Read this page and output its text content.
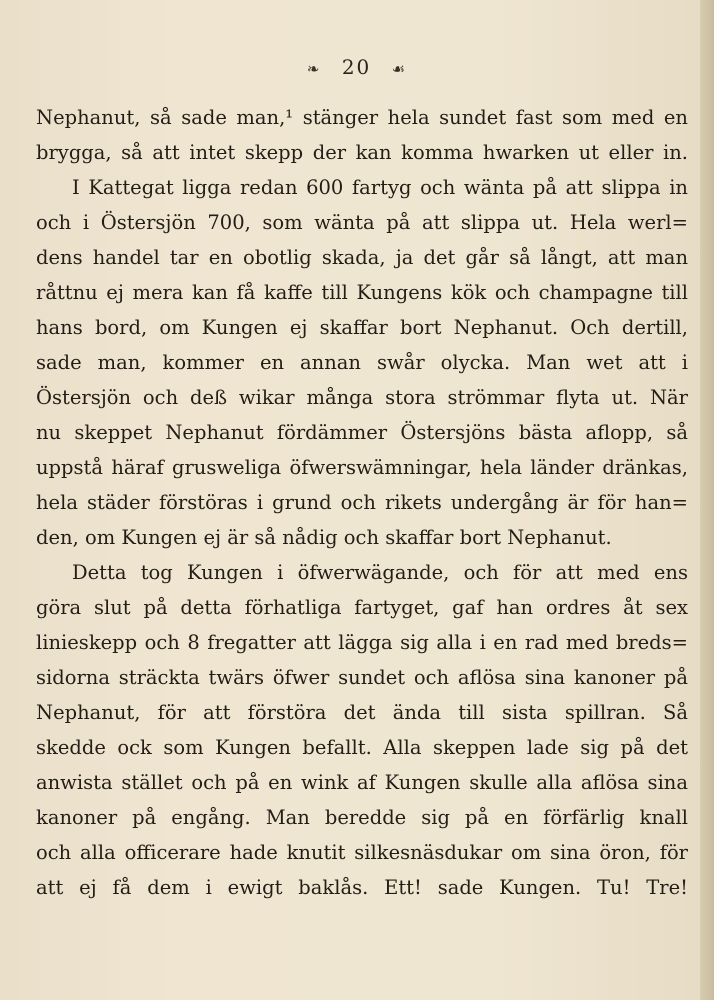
❧ 20 ☙
Nephanut, så sade man,¹ stänger hela sundet fast som med en
brygga, så att intet skepp der kan komma hwarken ut eller in.
I Kattegat ligga redan 600 fartyg och wänta på att slippa in
och i Östersjön 700, som wänta på att slippa ut. Hela werl=
dens handel tar en obotlig skada, ja det går så långt, att man
råttnu ej mera kan få kaffe till Kungens kök och champagne till
hans bord, om Kungen ej skaffar bort Nephanut. Och dertill,
sade man, kommer en annan swår olycka. Man wet att i
Östersjön och deß wikar många stora strömmar flyta ut. När
nu skeppet Nephanut fördämmer Östersjöns bästa aflopp, så
uppstå häraf gruswеliga öfwerswämningar, hela länder dränkas,
hela städer förstöras i grund och rikets undergång är för han=
den, om Kungen ej är så nådig och skaffar bort Nephanut.
Detta tog Kungen i öfwerwägande, och för att med ens
göra slut på detta förhatliga fartyget, gaf han ordres åt sex
linieskepp och 8 fregatter att lägga sig alla i en rad med breds=
sidorna sträckta twärs öfwer sundet och aflösa sina kanoner på
Nephanut, för att förstöra det ända till sista spillran. Så
skedde ock som Kungen befallt. Alla skeppen lade sig på det
anwista stället och på en wink af Kungen skulle alla aflösa sina
kanoner på engång. Man beredde sig på en förfärlig knall
och alla officerare hade knutit silkesnäsdukar om sina öron, för
att ej få dem i ewigt baklås. Ett! sade Kungen. Tu! Tre!
